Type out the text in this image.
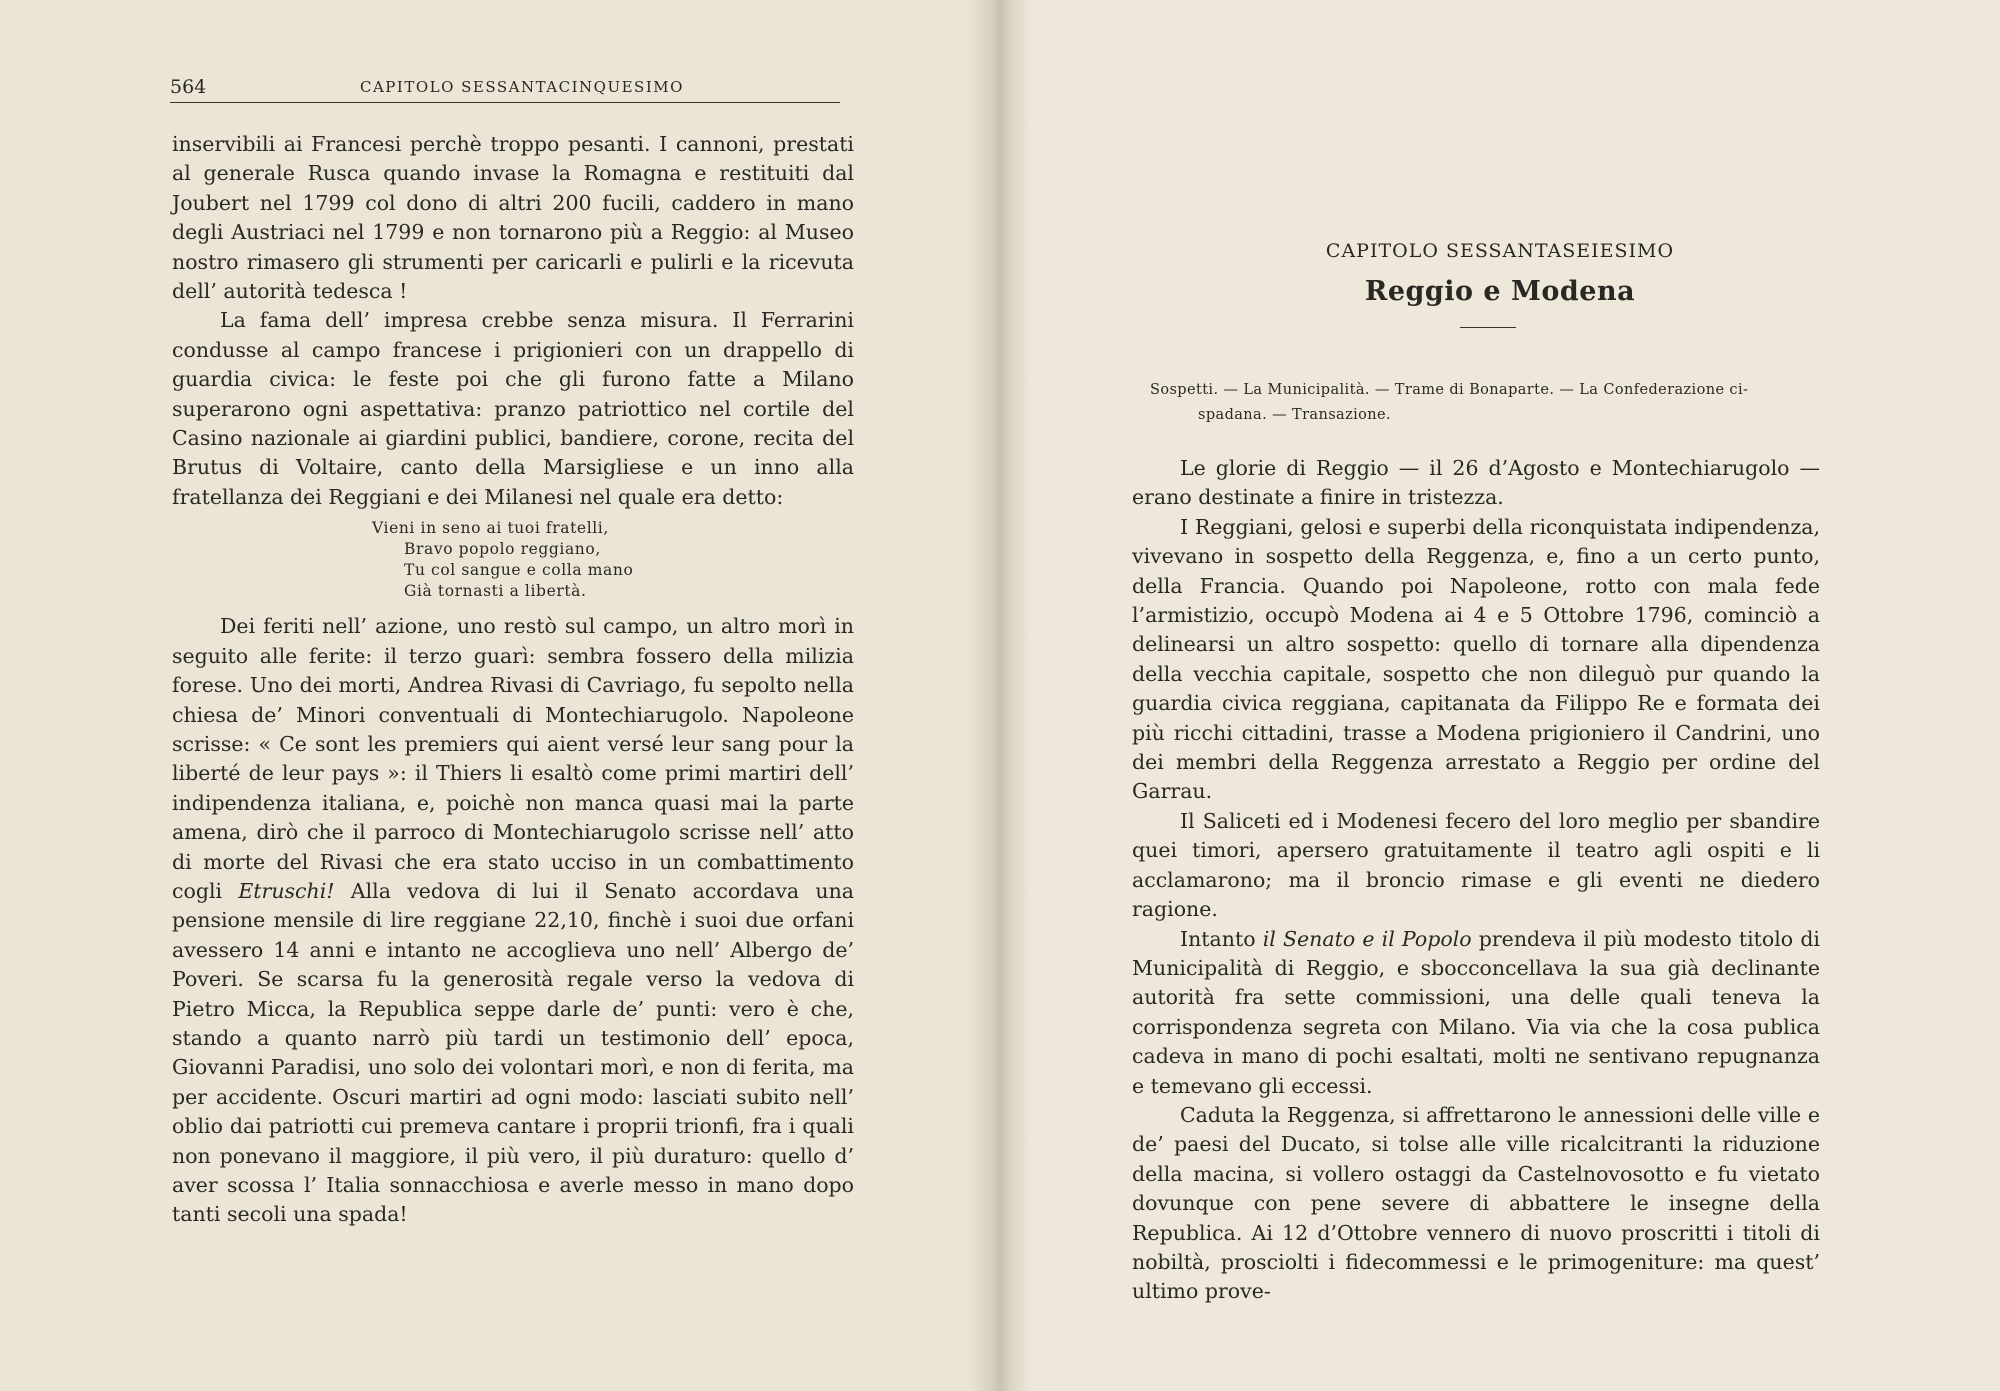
564	CAPITOLO SESSANTACINQUESIMO

inservibili ai Francesi perchè troppo pesanti. I cannoni, prestati al generale Rusca quando invase la Romagna e restituiti dal Joubert nel 1799 col dono di altri 200 fucili, caddero in mano degli Austriaci nel 1799 e non tornarono più a Reggio: al Museo nostro rimasero gli strumenti per caricarli e pulirli e la ricevuta dell’ autorità tedesca !

La fama dell’ impresa crebbe senza misura. Il Ferrarini condusse al campo francese i prigionieri con un drappello di guardia civica: le feste poi che gli furono fatte a Milano superarono ogni aspettativa: pranzo patriottico nel cortile del Casino nazionale ai giardini publici, bandiere, corone, recita del Brutus di Voltaire, canto della Marsigliese e un inno alla fratellanza dei Reggiani e dei Milanesi nel quale era detto:

Vieni in seno ai tuoi fratelli,
Bravo popolo reggiano,
Tu col sangue e colla mano
Già tornasti a libertà.

Dei feriti nell’ azione, uno restò sul campo, un altro morì in seguito alle ferite: il terzo guarì: sembra fossero della milizia forese. Uno dei morti, Andrea Rivasi di Cavriago, fu sepolto nella chiesa de’ Minori conventuali di Montechiarugolo. Napoleone scrisse: « Ce sont les premiers qui aient versé leur sang pour la liberté de leur pays »: il Thiers li esaltò come primi martiri dell’ indipendenza italiana, e, poichè non manca quasi mai la parte amena, dirò che il parroco di Montechiarugolo scrisse nell’ atto di morte del Rivasi che era stato ucciso in un combattimento cogli Etruschi! Alla vedova di lui il Senato accordava una pensione mensile di lire reggiane 22,10, finchè i suoi due orfani avessero 14 anni e intanto ne accoglieva uno nell’ Albergo de’ Poveri. Se scarsa fu la generosità regale verso la vedova di Pietro Micca, la Republica seppe darle de’ punti: vero è che, stando a quanto narrò più tardi un testimonio dell’ epoca, Giovanni Paradisi, uno solo dei volontari morì, e non di ferita, ma per accidente. Oscuri martiri ad ogni modo: lasciati subito nell’ oblio dai patriotti cui premeva cantare i proprii trionfi, fra i quali non ponevano il maggiore, il più vero, il più duraturo: quello d’ aver scossa l’ Italia sonnacchiosa e averle messo in mano dopo tanti secoli una spada!

CAPITOLO SESSANTASEIESIMO
Reggio e Modena
Sospetti. — La Municipalità. — Trame di Bonaparte. — La Confederazione ci-
spadana. — Transazione.

Le glorie di Reggio — il 26 d’Agosto e Montechiarugolo — erano destinate a finire in tristezza.

I Reggiani, gelosi e superbi della riconquistata indipendenza, vivevano in sospetto della Reggenza, e, fino a un certo punto, della Francia. Quando poi Napoleone, rotto con mala fede l’armistizio, occupò Modena ai 4 e 5 Ottobre 1796, cominciò a delinearsi un altro sospetto: quello di tornare alla dipendenza della vecchia capitale, sospetto che non dileguò pur quando la guardia civica reggiana, capitanata da Filippo Re e formata dei più ricchi cittadini, trasse a Modena prigioniero il Candrini, uno dei membri della Reggenza arrestato a Reggio per ordine del Garrau.

Il Saliceti ed i Modenesi fecero del loro meglio per sbandire quei timori, apersero gratuitamente il teatro agli ospiti e li acclamarono; ma il broncio rimase e gli eventi ne diedero ragione.

Intanto il Senato e il Popolo prendeva il più modesto titolo di Municipalità di Reggio, e sbocconcellava la sua già declinante autorità fra sette commissioni, una delle quali teneva la corrispondenza segreta con Milano. Via via che la cosa publica cadeva in mano di pochi esaltati, molti ne sentivano repugnanza e temevano gli eccessi.

Caduta la Reggenza, si affrettarono le annessioni delle ville e de’ paesi del Ducato, si tolse alle ville ricalcitranti la riduzione della macina, si vollero ostaggi da Castelnovosotto e fu vietato dovunque con pene severe di abbattere le insegne della Republica. Ai 12 d’Ottobre vennero di nuovo proscritti i titoli di nobiltà, prosciolti i fidecommessi e le primogeniture: ma quest’ ultimo prove-
